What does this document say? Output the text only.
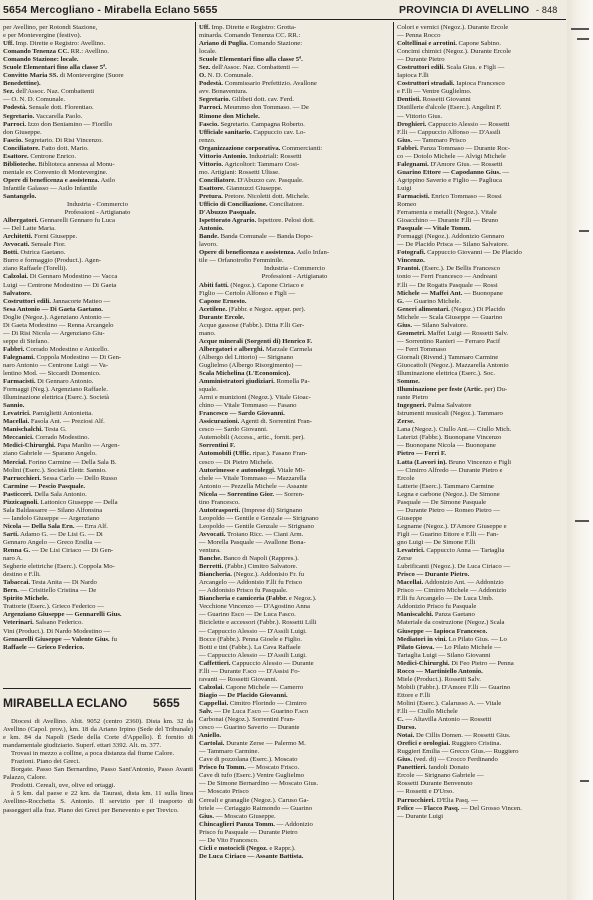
5654 Mercogliano - Mirabella Eclano 5655	PROVINCIA DI AVELLINO - 848

per Avellino, per Rotondi Stazione,

e per Montevergine (festivo).

Uff. Imp. Dirette e Registro: Avellino.

Comando Tenenza CC. RR.: Avellino.

Comando Stazione: locale.

Scuole Elementari fino alla classe 5ª.

Convitto Maria SS. di Montevergine (Suore

Benedettine).

Sez. dell'Assoc. Naz. Combattenti

— O. N. D. Comunale.

Podestà. Sensale dott. Florentiao.

Segretario. Vaccarella Paolo.

Parroci. Izzo don Beniamino — Fiorillo

don Giuseppe.

Fascio. Segretario. Di Risi Vincenzo.

Conciliatore. Fatto dott. Mario.

Esattore. Centrone Enrico.

Biblioteche. Biblioteca annessa al Monu-

mentale ex Convento di Montevergine.

Opere di beneficenza e assistenza. Asilo

Infantile Galasso — Asilo Infantile

Santangelo.

Industria - Commercio

Professioni - Artigianato

Albergatori. Gennarelli Gennaro fu Luca

— Del Latte Maria.

Architetti. Forni Giuseppe.

Avvocati. Sensale Fior.

Botti. Ostrica Gaetano.

Burro e formaggio (Product.). Agen-

ziano Raffaele (Torelli).

Calzolai. Di Gennaro Modestino — Vacca

Luigi — Centrone Modestino — Di Gaeta

Salvatore.

Costruttori edili. Jannacorte Matteo —

Sesa Antonio — Di Gaeta Gaetano.

Doglie (Negoz.). Agenziano Antonio —

Di Gaeta Modestino — Renna Arcangelo

— Di Risi Nicola — Argenziano Giu-

seppe di Stefano.

Fabbri. Corrado Modestino e Anicello.

Falegnami. Coppola Modestino — Di Gen-

naro Antonio — Centrone Luigi — Va-

lentino Mod. — Siccardi Domenico.

Farmacisti. Di Gennaro Antonio.

Formaggi (Neg.). Argenziano Raffaele.

Illuminazione elettrica (Eserc.). Società

Sannio.

Levatrici. Pamiglietti Antonietta.

Macellai. Fasola Ant. — Preziosi Alf.

Manischalchi. Testa G.

Meccanici. Corrado Modestino.

Medici-Chirurghi. Papa Manlio — Argen-

ziano Gabriele — Sparano Angelo.

Mercial. Forino Carmine — Della Sala B.

Molini (Eserc.). Società Elettr. Sannio.

Parrucchieri. Sessa Carlo — Dello Russo

Carmine — Pescio Pasquale.

Pasticceri. Della Sala Antonio.

Pizzicagnoli. Lattonico Giuseppe — Della

Sala Baldassarre — Silano Alfonsina

— Iandolo Giuseppe — Argenziano

Nicola — Della Sala Ern. — Erra Alf.

Sarti. Adamo G. — De Lisi G. — Di

Gennaro Angelo — Greco Ersilia —

Renna G. — De Lisi Ciriaco — Di Gen-

naro A.

Segherie elettriche (Eserc.). Coppola Mo-

destino e F.lli.

Tabaccai. Testa Anita — Di Nardo

Bern. — Crisitiello Cristina — De

Spirito Michele.

Trattorie (Eserc.). Grieco Federico —

Argenziano Giuseppe — Gennarelli Gius.

Veterinari. Salsano Federico.

Vini (Product.). Di Nardo Modestino —

Gennarelli Giuseppe — Valente Gius. fu

Raffaele — Grieco Federico.

MIRABELLA ECLANO 5655

Diocesi di Avellino. Abit. 9052 (centro 2360). Dista km. 32 da Avellino (Capol. prov.), km. 18 da Ariano Irpino (Sede del Tribunale) e km. 84 da Napoli (Sede della Corte d'Appello). È fornito di mandamentale giudiziario. Superf. ettari 3392. Alt. m. 377.

Trovasi in mezzo a colline, a poca distanza dal fiume Calore.

Frazioni. Piano dei Greci.

Borgate. Passo San Bernardino, Passo Sant'Antonio, Passo Avanti Palazzo, Calore.

Prodotti. Cereali, uve, olive ed ortaggi.

à 5 km. dal paese e 22 km. da Taurasi, dista km. 11 sulla linea Avellino-Rocchetta S. Antonio. Il servizio per il trasporto di passeggeri alla fraz. Piano dei Greci per Benevento e per Trevico.

Uff. Imp. Dirette e Registro: Grotta-

minarda. Comando Tenenza CC. RR.:

Ariano di Puglia. Comando Stazione:

locale.

Scuole Elementari fino alla classe 5ª.

Sez. dell'Assoc. Naz. Combattenti —

O. N. D. Comunale.

Podestà. Commissario Prefettizio. Avallone

avv. Bonaventura.

Segretario. Gilibeti dott. cav. Ferd.

Parroci. Meummo don Tommaso. — De

Rimone don Michele.

Fascio. Segretario. Campagna Roberto.

Ufficiale sanitario. Cappuccio cav. Lo-

renzo.

Organizzazione corporativa. Commercianti:

Vittorio Antonio. Industriali: Rossetti

Vittorio. Agricoltori: Tammaro Cosi-

mo. Artigiani: Rossetti Ulisse.

Conciliatore. D'Abuzzo cav. Pasquale.

Esattore. Giannuzzi Giuseppe.

Pretura. Pretore. Nicoletti dott. Michele.

Ufficio di Conciliazione. Conciliatore.

D'Abuzzo Pasquale.

Ispettorato Agrario. Ispettore. Pelosi dott.

Antonio.

Bande. Banda Comunale — Banda Dopo-

lavoro.

Opere di beneficenza e assistenza. Asilo Infan-

tile — Orfanotrofio Femminile.

Industria - Commercio

Professioni - Artigianato

Abiti fatti. (Negoz.). Capone Ciriaco e

Figlio — Certolo Alfonso e Figli —

Capone Ernesto.

Acetilene. (Fabbr. e Negoz. appar. per).

Durante Ercole.

Acque gassose (Fabbr.). Ditta F.lli Ger-

mano.

Acque minerali (Sorgenti di) Henrico F.

Albergatori e alberghi. Marzale Carmela

(Albergo del Littorio) — Sirignano

Guglielmo (Albergo Risorgimento) —

Scala Michelina (L'Economico).

Amministratori giudiziari. Romella Pa-

squale.

Armi e munizioni (Negoz.). Vitale Gioac-

chino — Vitale Tommaso — Fasano

Francesco — Sardo Giovanni.

Assicurazioni. Agenti di. Sorrentini Fran-

cesco — Sardo Giovanni.

Autemobili (Access., artic., fornit. per).

Sorrentini F.

Automobili (Uffic. ripar.). Fasano Fran-

cesco — Di Pietro Michele.

Autorimesse e autonoleggi. Vitale Mi-

chele — Vitale Tommaso — Mazzarella

Antonio — Pezzella Michele — Assante

Nicola — Sorrentino Gior. — Sorren-

tino Francesco.

Autotrasporti. (Imprese di) Sirignano

Leopoldo — Gentile e Genzale — Sirignano

Leopoldo — Gentile Genzale — Sirignano

Avvocati. Troiano Ricc. — Ciani Arm.

— Morella Pasquale — Avallone Bona-

ventura.

Banche. Banco di Napoli (Rappres.).

Berretti. (Fabbr.) Cimitro Salvatore.

Biancheria. (Negoz.). Addonisio Fr. fu

Arcangelo — Addonisio F.lli fu Frisco

— Addonisio Prisco fu Pasquale.

Biancheria e camiceria (Fabbr. e Negoz.).

Vecchione Vincenzo — D'Agostino Anna

— Guarino Esco — De Luca Fasco.

Biciclette e accessori (Fabbr.). Rossetti Lilli

— Cappuccio Alessio — D'Assili Luigi.

Bocce (Fabbr.). Penna Gioele e Figlio.

Botti e tini (Fabbr.). La Cava Raffaele

— Cappuccio Alessio — D'Assili Luigi.

Caffettieri. Cappuccio Alessio — Durante

F.lli — Durante F.sco — D'Assisi Fo-

ravanti — Rossetti Giovanni.

Calzolai. Capone Michele — Camerro

Biagio — De Placido Giovanni.

Cappellai. Cimitro Florindo — Cimirro

Salv. — De Luca F.sco — Guarino F.sco

Carbonai (Negoz.). Sorrentini Fran-

cesco — Guarino Saverio — Durante

Aniello.

Cartolai. Durante Zerse — Palermo M.

— Tammaro Carmine.

Cave di pozzolana (Eserc.). Moscato

Prisco fu Tomm. — Moscato Frisco.

Cave di tufo (Eserc.) Ventre Guglielmo

— De Simone Bernardino — Moscato Gius.

— Moscato Prisco

Cereali e granaglie (Negoz.). Caruso Ga-

briele — Ceriaggio Raimondo — Guarino

Gius. — Moscato Giuseppe.

Chincaglieri Panza Tomm. — Addonizio

Prisco fu Pasquale — Durante Pietro

— De Vito Francesco.

Cicli e motocicli (Negoz. e Rappr.).

De Luca Ciriaco — Assante Battista.

Colori e vernici (Negoz.). Durante Ercole

— Penna Rocco

Coltellinai e arrotini. Capone Sabino.

Concimi chimici (Negoz.). Durante Ercole

— Durante Pietro

Costruttori edili. Scala Gius. e Figli —

Iapioca F.lli

Costruttori stradali. Iapioca Francesco

e F.lli — Ventre Guglielmo.

Dentisti. Rossetti Giovanni

Distillerie d'alcole (Eserc.). Angelini F.

— Vittorio Gius.

Droghieri. Cappuccio Alessio — Rossetti

F.lli — Cappuccio Alfonso — D'Assili

Gius. — Tammaro Prisco

Fabbri. Panza Tommaso — Durante Roc-

co — Dotolo Michele — Alvigi Michele

Falegnami. D'Amore Gius. — Rossetti

Guarino Ettore — Capodanno Gius. —

Agrippino Saverio e Figlio — Pagliuca

Luigi

Farmacisti. Enrico Tommaso — Rossi

Romeo

Ferramenta e metalli (Negoz.). Vitale

Gioacchino — Durante F.lli — Bruno

Pasquale — Vitale Tomm.

Formaggi (Negoz.). Addonizio Gennaro

— De Placido Prisca — Silano Salvatore.

Fotografi. Cappuccio Giovanni — De Placido

Vincenzo.

Frantoi. (Eserc.). De Bellis Francesco

tonio — Ferri Francesco — Andreani

F.lli — De Rogatis Pasquale — Rossi

Michele — Maffei Ant. — Buonopane

G. — Guarino Michele.

Generi alimentari. (Negoz.) Di Placido

Michele — Scala Giuseppe — Guarino

Gius. — Silano Salvatore.

Geometri. Maffei Luigi — Rossetti Salv.

— Sorrentino Ranieri — Ferraro Pacif

— Ferri Tommaso

Giornali (Rivend.) Tammaro Carmine

Giuocattoli (Negoz.). Mazzarella Antonio

Illuminazione elettrica (Eserc.). Soc.

Somme.

Illuminazione per feste (Artic. per) Du-

rante Pietro

Ingegneri. Palma Salvatore

Istrumenti musicali (Negoz.). Tammaro

Zerse.

Lana (Negoz.). Ciullo Ant.— Ciullo Mich.

Laterizi (Fabbr.). Buonopane Vincenzo

— Buonopane Nicola — Buonopane

Pietro — Ferri F.

Latta (Lavori in). Bruno Vincenzo e Figli

— Cimirro Alfredo — Durante Pietro e

Ercole

Latterie (Eserc.). Tammaro Carmine

Legna e carbone (Negoz.). De Simone

Pasquale — De Simone Pasquale

— Durante Pietro — Romeo Pietro —

Giuseppe

Legname (Negoz.). D'Amore Giuseppe e

Figli — Guarino Ettore e F.lli — Fan-

gno Luigi — De Simone F.lli

Levatrici. Cappuccio Anna — Tartaglia

Zerse

Lubrificanti (Negoz.). De Luca Ciriaco —

Prisco — Durante Pietro.

Macellai. Addonizio Ant. — Addonizio

Prisco — Cimirro Michele — Addonizio

F.lli fu Arcangelo — De Luca Umb.

Addonizio Prisco fu Pasquale

Maniscalchi. Panza Gaetano

Materiale da costruzione (Negoz.) Scala

Giuseppe — Iapioca Francesco.

Mediatori in vini. Lo Pilato Gius. — Lo

Pilato Giova. — Lo Pilato Michele —

Tartaglia Luigi — Silano Giovanni

Medici-Chirurghi. Di Feo Pietro — Penna

Rocco — Martiniello Antonio.

Miele (Product.). Rossetti Salv.

Mobili (Fabbr.). D'Amore F.lli — Guarino

Ettore e F.lli

Molini (Eserc.). Calarusso A. — Vitale

F.lli — Ciullo Michele

C. — Altavilla Antonio — Rossetti

Durso.

Notai. De Cillis Domen. — Rossetti Gius.

Orefici e orologiai. Ruggiero Cristina.

Ruggieri Emilia — Grecco Gius.— Ruggiero

Gius. (ved. di) — Crocco Ferdinando

Panettieri. Iandoli Donato

Ercole — Sirignano Gabriele —

Rossetti Durante Benvenuto

— Rossetti e D'Urso.

Parrucchieri. D'Elia Pasq. —

Felice — Flacco Pasq. — Del Grosso Vincen.

— Durante Luigi
